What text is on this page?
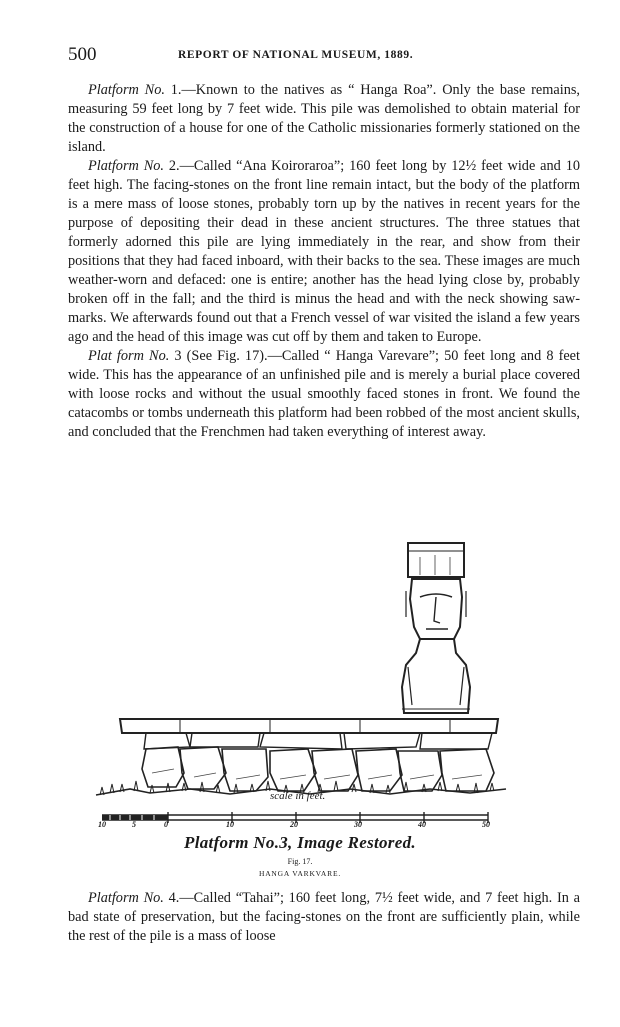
500	REPORT OF NATIONAL MUSEUM, 1889.

Platform No. 1.—Known to the natives as “ Hanga Roa”. Only the base remains, measuring 59 feet long by 7 feet wide. This pile was demolished to obtain material for the construction of a house for one of the Catholic missionaries formerly stationed on the island.

Platform No. 2.—Called “Ana Koiroraroa”; 160 feet long by 12½ feet wide and 10 feet high. The facing-stones on the front line remain intact, but the body of the platform is a mere mass of loose stones, probably torn up by the natives in recent years for the purpose of depositing their dead in these ancient structures. The three statues that formerly adorned this pile are lying immediately in the rear, and show from their positions that they had faced inboard, with their backs to the sea. These images are much weather-worn and defaced: one is entire; another has the head lying close by, probably broken off in the fall; and the third is minus the head and with the neck showing saw-marks. We afterwards found out that a French vessel of war visited the island a few years ago and the head of this image was cut off by them and taken to Europe.

Plat form No. 3 (See Fig. 17).—Called “ Hanga Varevare”; 50 feet long and 8 feet wide. This has the appearance of an unfinished pile and is merely a burial place covered with loose rocks and without the usual smoothly faced stones in front. We found the catacombs or tombs underneath this platform had been robbed of the most ancient skulls, and concluded that the Frenchmen had taken everything of interest away.

scale in feet.
10	5	0	10	20	30	40	50
Platform No.3, Image Restored.
Fig. 17.
HANGA VARKVARE.

Platform No. 4.—Called “Tahai”; 160 feet long, 7½ feet wide, and 7 feet high. In a bad state of preservation, but the facing-stones on the front are sufficiently plain, while the rest of the pile is a mass of loose
